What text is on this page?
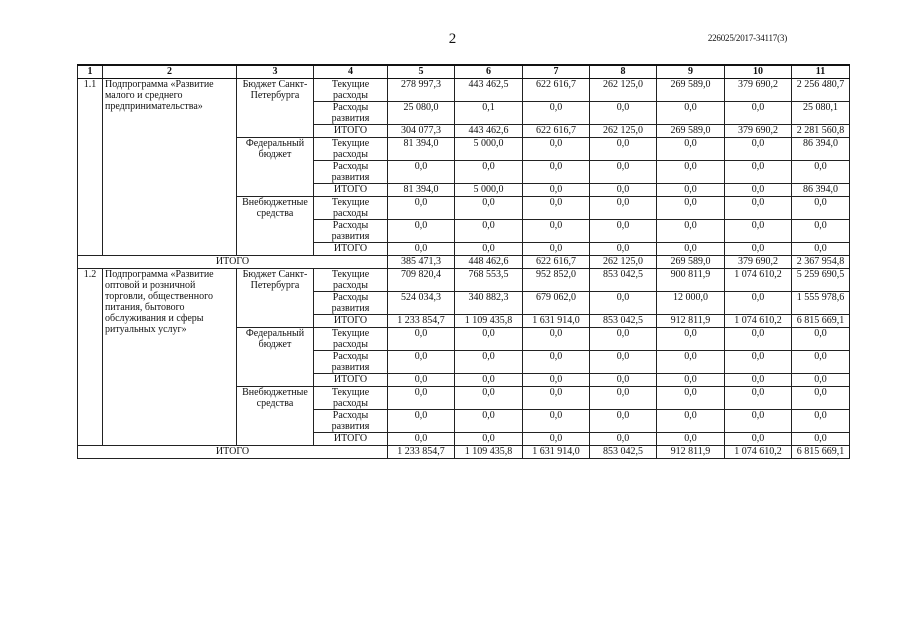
2	226025/2017-34117(3)
1	2	3	4	5	6	7	8	9	10	11
1.1	Подпрограмма «Развитие малого и среднего предпринимательства»	Бюджет Санкт-Петербурга	Текущие расходы	278 997,3	443 462,5	622 616,7	262 125,0	269 589,0	379 690,2	2 256 480,7
			Расходы развития	25 080,0	0,1	0,0	0,0	0,0	0,0	25 080,1
			ИТОГО	304 077,3	443 462,6	622 616,7	262 125,0	269 589,0	379 690,2	2 281 560,8
		Федеральный бюджет	Текущие расходы	81 394,0	5 000,0	0,0	0,0	0,0	0,0	86 394,0
			Расходы развития	0,0	0,0	0,0	0,0	0,0	0,0	0,0
			ИТОГО	81 394,0	5 000,0	0,0	0,0	0,0	0,0	86 394,0
		Внебюджетные средства	Текущие расходы	0,0	0,0	0,0	0,0	0,0	0,0	0,0
			Расходы развития	0,0	0,0	0,0	0,0	0,0	0,0	0,0
			ИТОГО	0,0	0,0	0,0	0,0	0,0	0,0	0,0
ИТОГО				385 471,3	448 462,6	622 616,7	262 125,0	269 589,0	379 690,2	2 367 954,8
1.2	Подпрограмма «Развитие оптовой и розничной торговли, общественного питания, бытового обслуживания и сферы ритуальных услуг»	Бюджет Санкт-Петербурга	Текущие расходы	709 820,4	768 553,5	952 852,0	853 042,5	900 811,9	1 074 610,2	5 259 690,5
			Расходы развития	524 034,3	340 882,3	679 062,0	0,0	12 000,0	0,0	1 555 978,6
			ИТОГО	1 233 854,7	1 109 435,8	1 631 914,0	853 042,5	912 811,9	1 074 610,2	6 815 669,1
		Федеральный бюджет	Текущие расходы	0,0	0,0	0,0	0,0	0,0	0,0	0,0
			Расходы развития	0,0	0,0	0,0	0,0	0,0	0,0	0,0
			ИТОГО	0,0	0,0	0,0	0,0	0,0	0,0	0,0
		Внебюджетные средства	Текущие расходы	0,0	0,0	0,0	0,0	0,0	0,0	0,0
			Расходы развития	0,0	0,0	0,0	0,0	0,0	0,0	0,0
			ИТОГО	0,0	0,0	0,0	0,0	0,0	0,0	0,0
ИТОГО				1 233 854,7	1 109 435,8	1 631 914,0	853 042,5	912 811,9	1 074 610,2	6 815 669,1
